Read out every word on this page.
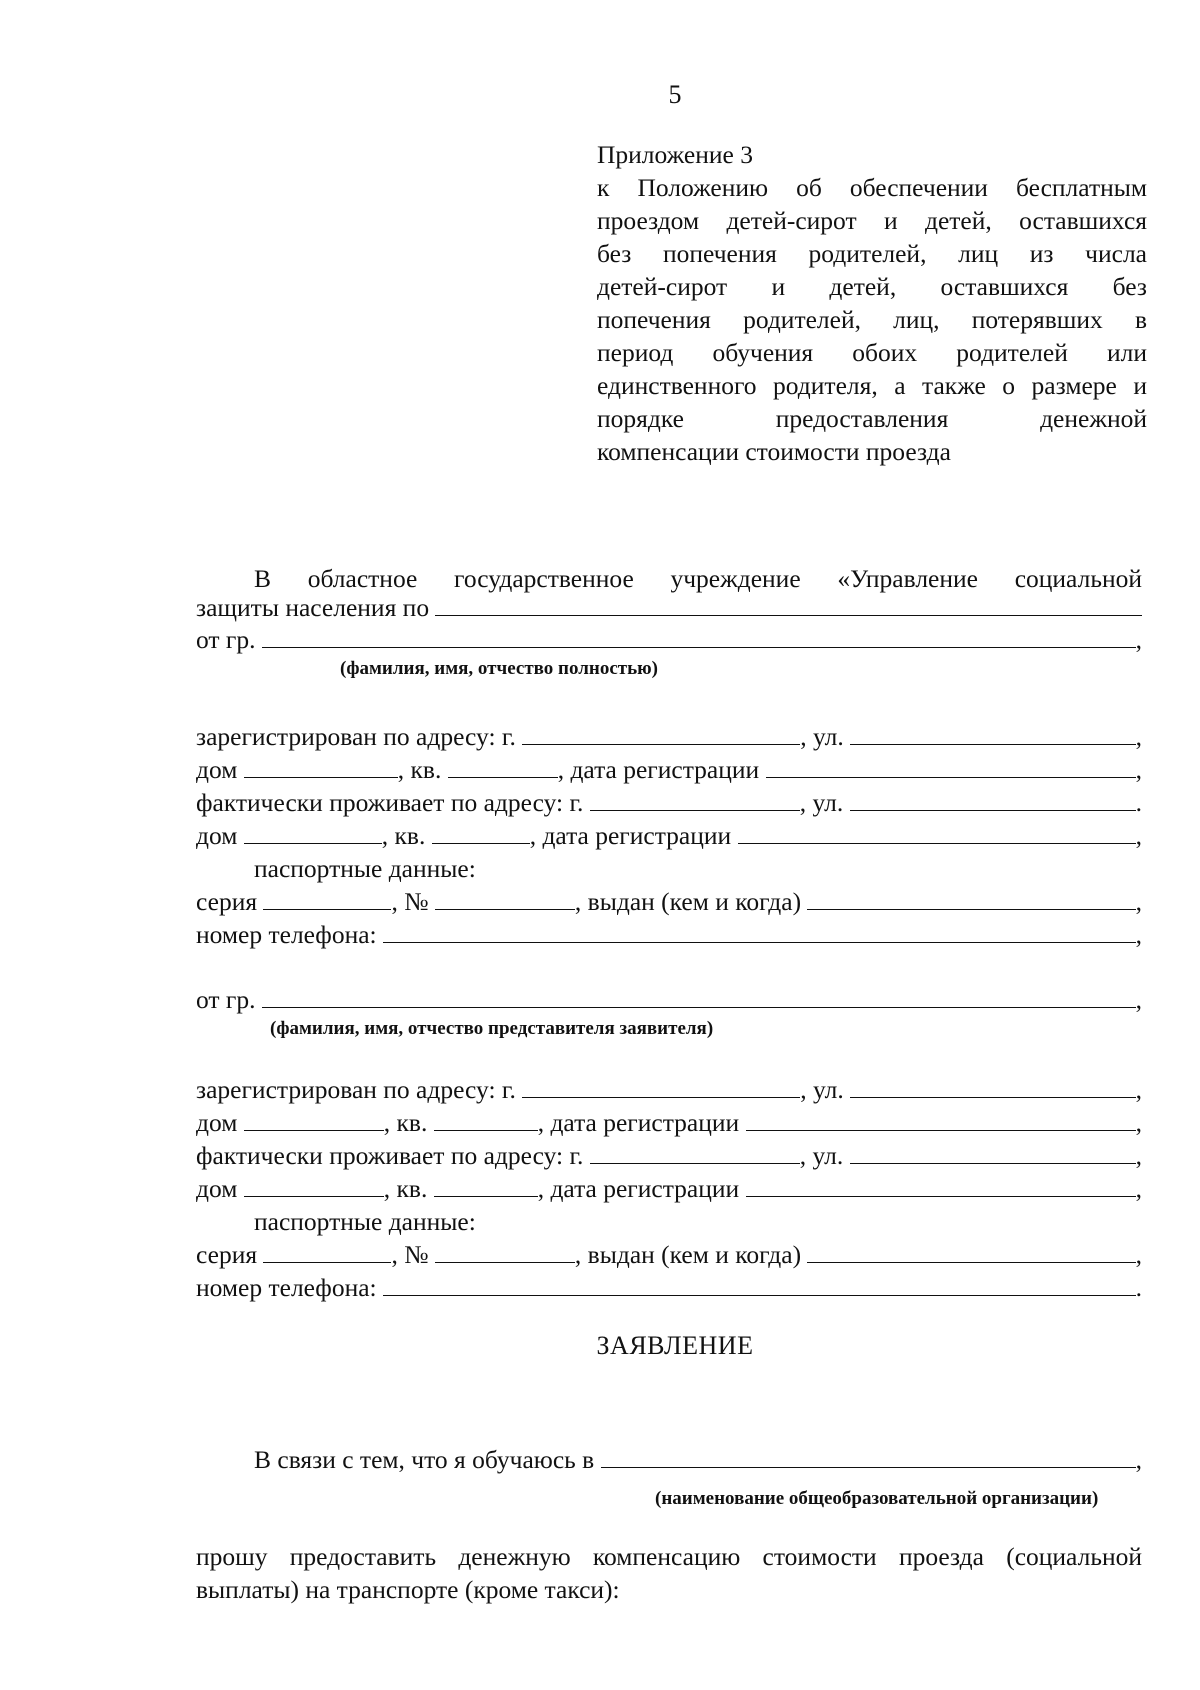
5
Приложение 3
к Положению об обеспечении бесплатным
проездом детей-сирот и детей, оставшихся
без попечения родителей, лиц из числа
детей-сирот и детей, оставшихся без
попечения родителей, лиц, потерявших в
период обучения обоих родителей или
единственного родителя, а также о размере и
порядке предоставления денежной
компенсации стоимости проезда
В областное государственное учреждение «Управление социальной
защиты населения по

от гр.
	,
(фамилия, имя, отчество полностью)
зарегистрирован по адресу: г.
	, ул.
	,
дом
	, кв.
	, дата регистрации
	,
фактически проживает по адресу: г.
	, ул.
	.
дом
	, кв.
	, дата регистрации
	,
паспортные данные:
серия
	, №
	, выдан (кем и когда)
	,
номер телефона:
	,
от гр.
	,
(фамилия, имя, отчество представителя заявителя)
зарегистрирован по адресу: г.
	, ул.
	,
дом
	, кв.
	, дата регистрации
	,
фактически проживает по адресу: г.
	, ул.
	,
дом
	, кв.
	, дата регистрации
	,
паспортные данные:
серия
	, №
	, выдан (кем и когда)
	,
номер телефона:
	.
ЗАЯВЛЕНИЕ
В связи с тем, что я обучаюсь в
	,
(наименование общеобразовательной организации)
прошу предоставить денежную компенсацию стоимости проезда (социальной
выплаты) на транспорте (кроме такси):
